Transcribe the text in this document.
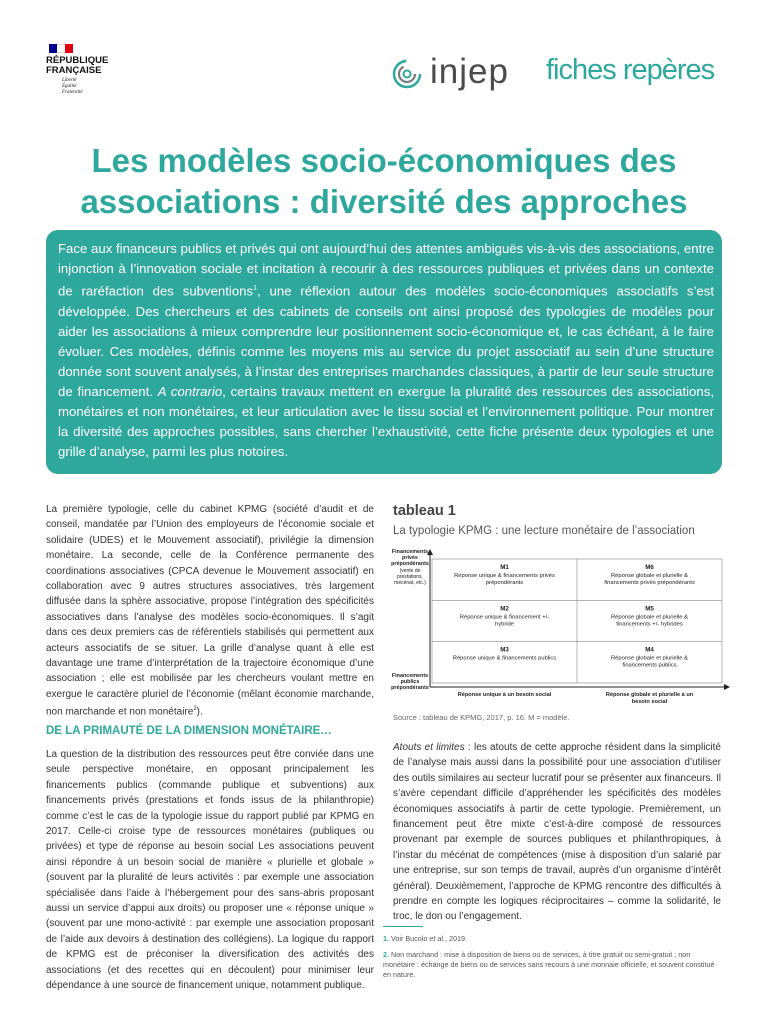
RÉPUBLIQUE
FRANÇAISE
Liberté
Égalité
Fraternité
injep fiches repères
Les modèles socio-économiques des
associations : diversité des approches
Face aux financeurs publics et privés qui ont aujourd’hui des attentes ambiguës vis-à-vis des associations, entre injonction à l’innovation sociale et incitation à recourir à des ressources publiques et privées dans un contexte de raréfaction des subventions$^1$, une réflexion autour des modèles socio-économiques associatifs s’est développée. Des chercheurs et des cabinets de conseils ont ainsi proposé des typologies de modèles pour aider les associations à mieux comprendre leur positionnement socio-économique et, le cas échéant, à le faire évoluer. Ces modèles, définis comme les moyens mis au service du projet associatif au sein d’une structure donnée sont souvent analysés, à l’instar des entreprises marchandes classiques, à partir de leur seule structure de financement. A contrario, certains travaux mettent en exergue la pluralité des ressources des associations, monétaires et non monétaires, et leur articulation avec le tissu social et l’environnement politique. Pour montrer la diversité des approches possibles, sans chercher l’exhaustivité, cette fiche présente deux typologies et une grille d’analyse, parmi les plus notoires.
La première typologie, celle du cabinet KPMG (société d’audit et de conseil, mandatée par l’Union des employeurs de l’économie sociale et solidaire (UDES) et le Mouvement associatif), privilégie la dimension monétaire. La seconde, celle de la Conférence permanente des coordinations associatives (CPCA devenue le Mouvement associatif) en collaboration avec 9 autres structures associatives, très largement diffusée dans la sphère associative, propose l’intégration des spécificités associatives dans l’analyse des modèles socio-économiques. Il s’agit dans ces deux premiers cas de référentiels stabilisés qui permettent aux acteurs associatifs de se situer. La grille d’analyse quant à elle est davantage une trame d’interprétation de la trajectoire économique d’une association ; elle est mobilisée par les chercheurs voulant mettre en exergue le caractère pluriel de l’économie (mêlant économie marchande, non marchande et non monétaire$^2$).
DE LA PRIMAUTÉ DE LA DIMENSION MONÉTAIRE…
La question de la distribution des ressources peut être conviée dans une seule perspective monétaire, en opposant principalement les financements publics (commande publique et subventions) aux financements privés (prestations et fonds issus de la philanthropie) comme c’est le cas de la typologie issue du rapport publié par KPMG en 2017. Celle-ci croise type de ressources monétaires (publiques ou privées) et type de réponse au besoin social Les associations peuvent ainsi répondre à un besoin social de manière « plurielle et globale » (souvent par la pluralité de leurs activités : par exemple une association spécialisée dans l’aide à l’hébergement pour des sans-abris proposant aussi un service d’appui aux droits) ou proposer une « réponse unique » (souvent par une mono-activité : par exemple une association proposant de l’aide aux devoirs à destination des collégiens). La logique du rapport de KPMG est de préconiser la diversification des activités des associations (et des recettes qui en découlent) pour minimiser leur dépendance à une source de financement unique, notamment publique.
tableau 1
La typologie KPMG : une lecture monétaire de l’association
M1
Réponse unique & financements privés
prépondérants
M6
Réponse globale et plurielle &
financements privés prépondérants
M2
Réponse unique & financement +/-
hybride
M5
Réponse globale et plurielle &
financements +/- hybrides
M3
Réponse unique & financements publics
M4
Réponse globale et plurielle &
financements publics
Financements
privés
prépondérants
(vente de
prestations,
mécénat, etc.)
Financements
publics
prépondérants
Réponse unique à un besoin social	Réponse globale et plurielle à un
besoin social
Source : tableau de KPMG, 2017, p. 16. M = modèle.
Atouts et limites : les atouts de cette approche résident dans la simplicité de l’analyse mais aussi dans la possibilité pour une association d’utiliser des outils similaires au secteur lucratif pour se présenter aux financeurs. Il s’avère cependant difficile d’appréhender les spécificités des modèles économiques associatifs à partir de cette typologie. Premièrement, un financement peut être mixte c’est-à-dire composé de ressources provenant par exemple de sources publiques et philanthropiques, à l’instar du mécénat de compétences (mise à disposition d’un salarié par une entreprise, sur son temps de travail, auprès d’un organisme d’intérêt général). Deuxièmement, l’approche de KPMG rencontre des difficultés à prendre en compte les logiques réciprocitaires – comme la solidarité, le troc, le don ou l’engagement.
1. Voir Bucolo et al., 2019.
2. Non marchand : mise à disposition de biens ou de services, à titre gratuit ou semi-gratuit ; non monétaire : échange de biens ou de services sans recours à une monnaie officielle, et souvent constitué en nature.
